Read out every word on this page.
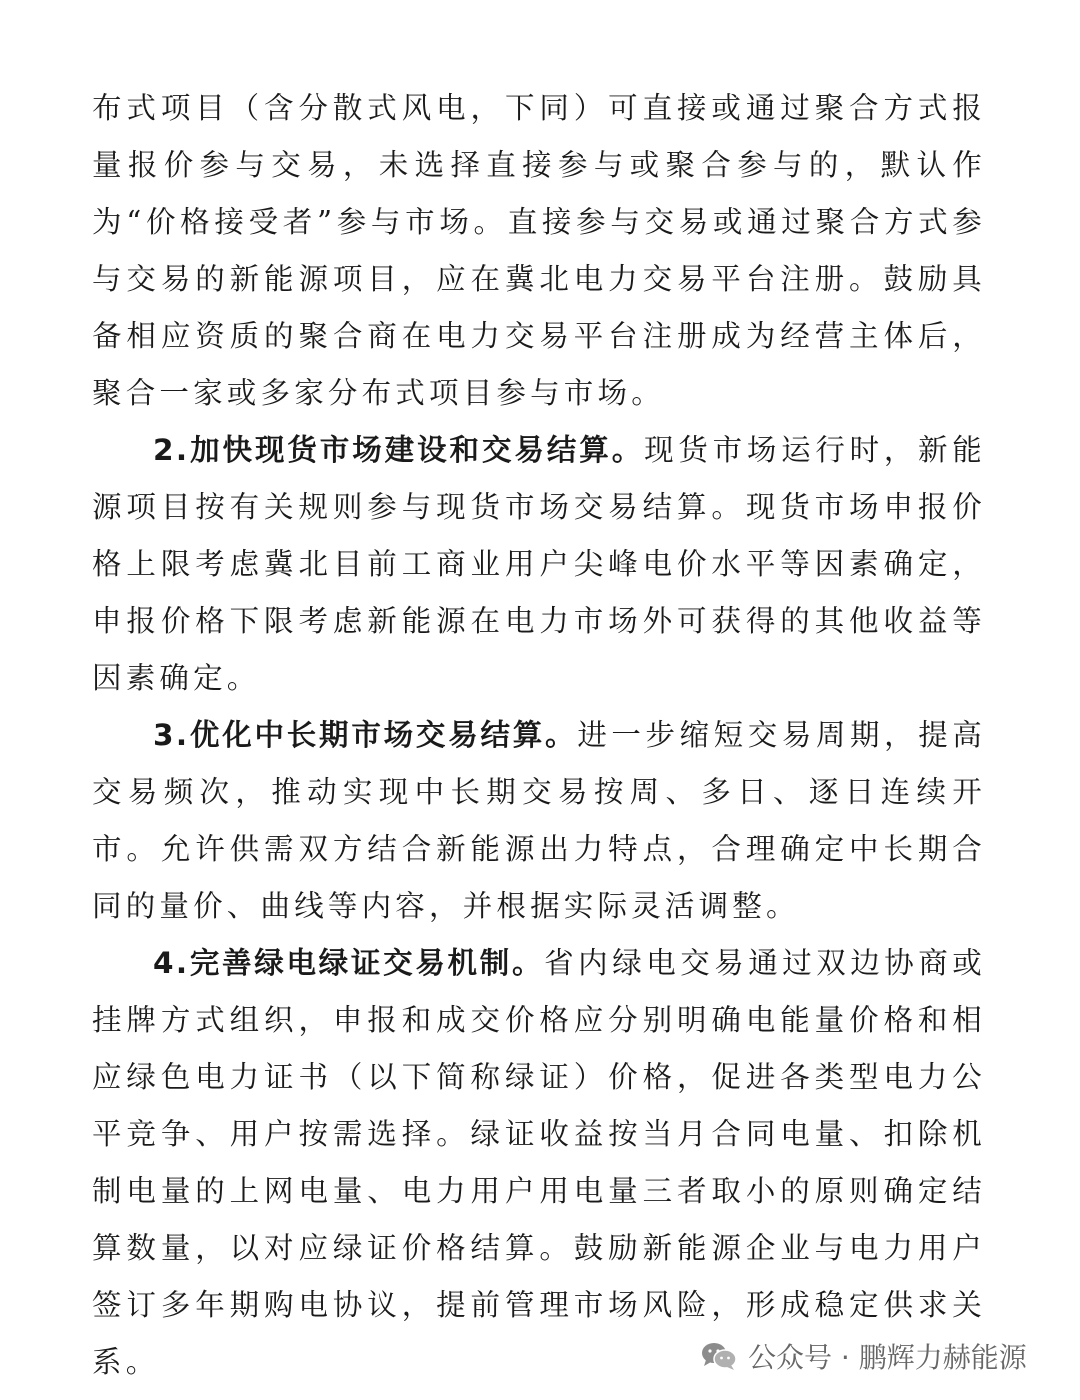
布式项目（含分散式风电，下同）可直接或通过聚合方式报量报价参与交易，未选择直接参与或聚合参与的，默认作为“价格接受者”参与市场。直接参与交易或通过聚合方式参与交易的新能源项目，应在冀北电力交易平台注册。鼓励具备相应资质的聚合商在电力交易平台注册成为经营主体后，聚合一家或多家分布式项目参与市场。

2.加快现货市场建设和交易结算。现货市场运行时，新能源项目按有关规则参与现货市场交易结算。现货市场申报价格上限考虑冀北目前工商业用户尖峰电价水平等因素确定，申报价格下限考虑新能源在电力市场外可获得的其他收益等因素确定。

3.优化中长期市场交易结算。进一步缩短交易周期，提高交易频次，推动实现中长期交易按周、多日、逐日连续开市。允许供需双方结合新能源出力特点，合理确定中长期合同的量价、曲线等内容，并根据实际灵活调整。

4.完善绿电绿证交易机制。省内绿电交易通过双边协商或挂牌方式组织，申报和成交价格应分别明确电能量价格和相应绿色电力证书（以下简称绿证）价格，促进各类型电力公平竞争、用户按需选择。绿证收益按当月合同电量、扣除机制电量的上网电量、电力用户用电量三者取小的原则确定结算数量，以对应绿证价格结算。鼓励新能源企业与电力用户签订多年期购电协议，提前管理市场风险，形成稳定供求关系。	公众号 · 鹏辉力赫能源
